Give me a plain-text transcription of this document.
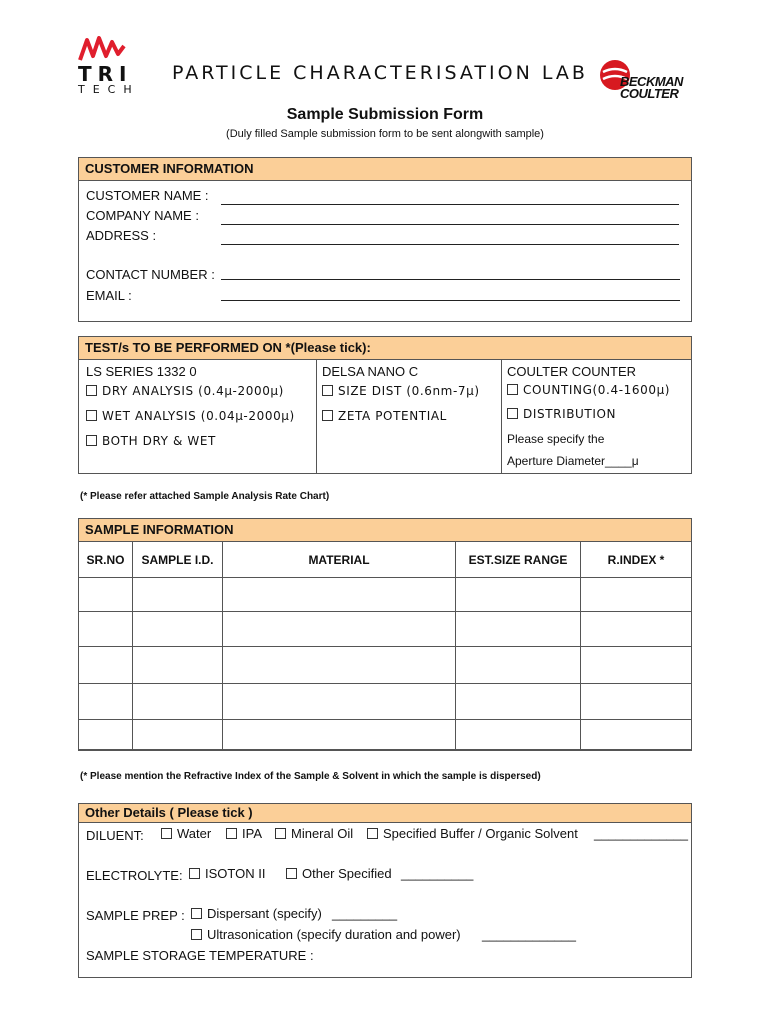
TRI
TECH
PARTICLE CHARACTERISATION LAB BECKMAN
COULTER
Sample Submission Form
(Duly filled Sample submission form to be sent alongwith sample)
CUSTOMER INFORMATION
CUSTOMER NAME :
COMPANY NAME :
ADDRESS :
CONTACT NUMBER :
EMAIL :
TEST/s TO BE PERFORMED ON *(Please tick):
LS SERIES 1332 0
DRY ANALYSIS (0.4μ-2000μ)
WET ANALYSIS (0.04μ-2000μ)
BOTH DRY & WET
DELSA NANO C
SIZE DIST (0.6nm-7μ)
ZETA POTENTIAL
COULTER COUNTER
COUNTING(0.4-1600μ)
DISTRIBUTION
Please specify the
Aperture Diameter____μ
(* Please refer attached Sample Analysis Rate Chart)
SAMPLE INFORMATION
SR.NO	SAMPLE I.D.	MATERIAL	EST.SIZE RANGE	R.INDEX *

(* Please mention the Refractive Index of the Sample & Solvent in which the sample is dispersed)
Other Details ( Please tick )
DILUENT:	Water	IPA	Mineral Oil	Specified Buffer / Organic Solvent _____________
ELECTROLYTE:	ISOTON II	Other Specified __________
SAMPLE PREP :	Dispersant (specify) _________
Ultrasonication (specify duration and power) _____________
SAMPLE STORAGE TEMPERATURE :
